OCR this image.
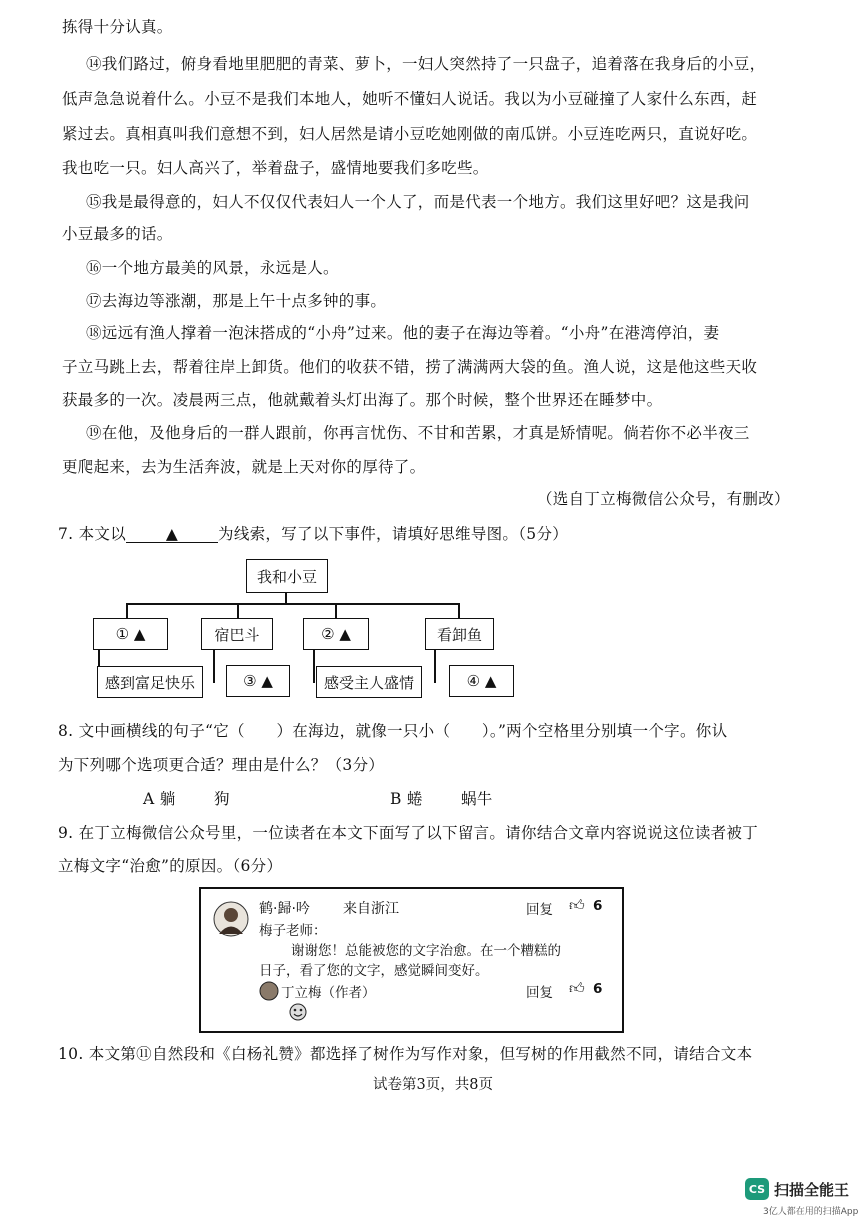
拣得十分认真。
⑭我们路过，俯身看地里肥肥的青菜、萝卜，一妇人突然持了一只盘子，追着落在我身后的小豆，
低声急急说着什么。小豆不是我们本地人，她听不懂妇人说话。我以为小豆碰撞了人家什么东西，赶
紧过去。真相真叫我们意想不到，妇人居然是请小豆吃她刚做的南瓜饼。小豆连吃两只，直说好吃。
我也吃一只。妇人高兴了，举着盘子，盛情地要我们多吃些。
⑮我是最得意的，妇人不仅仅代表妇人一个人了，而是代表一个地方。我们这里好吧？这是我问
小豆最多的话。
⑯一个地方最美的风景，永远是人。
⑰去海边等涨潮，那是上午十点多钟的事。
⑱远远有渔人撑着一泡沫搭成的“小舟”过来。他的妻子在海边等着。“小舟”在港湾停泊，妻
子立马跳上去，帮着往岸上卸货。他们的收获不错，捞了满满两大袋的鱼。渔人说，这是他这些天收
获最多的一次。凌晨两三点，他就戴着头灯出海了。那个时候，整个世界还在睡梦中。
⑲在他，及他身后的一群人跟前，你再言忧伤、不甘和苦累，才真是矫情呢。倘若你不必半夜三
更爬起来，去为生活奔波，就是上天对你的厚待了。
（选自丁立梅微信公众号，有删改）
7. 本文以	▲	为线索，写了以下事件，请填好思维导图。（5分）
我和小豆
① ▲	宿巴斗	② ▲	看卸鱼
感到富足快乐	③ ▲	感受主人盛情	④ ▲
8. 文中画横线的句子“它（　　）在海边，就像一只小（　　）。”两个空格里分别填一个字。你认
为下列哪个选项更合适？理由是什么？（3分）
A 躺 狗	B 蜷 蜗牛
9. 在丁立梅微信公众号里，一位读者在本文下面写了以下留言。请你结合文章内容说说这位读者被丁
立梅文字“治愈”的原因。（6分）
鹤·歸·吟 来自浙江	回复 👍︎ 6
梅子老师：
谢谢您！总能被您的文字治愈。在一个糟糕的
日子，看了您的文字，感觉瞬间变好。
丁立梅（作者）	回复 👍︎ 6
10. 本文第⑪自然段和《白杨礼赞》都选择了树作为写作对象，但写树的作用截然不同，请结合文本
试卷第3页，共8页
CS 扫描全能王
3亿人都在用的扫描App
